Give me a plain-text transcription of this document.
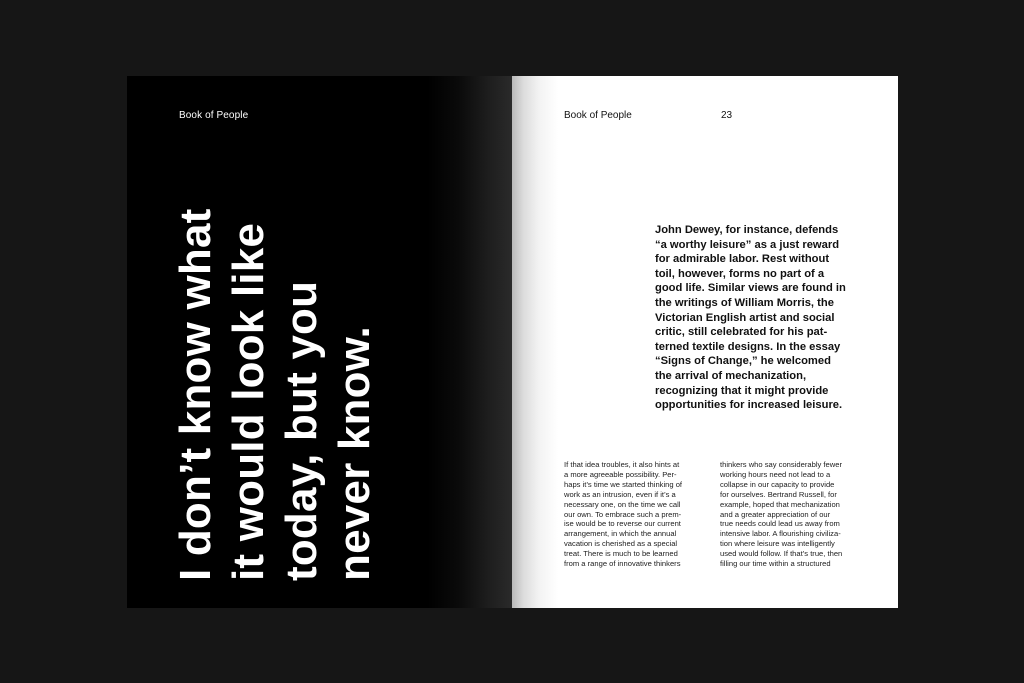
Book of People
I don’t know what it would look like today, but you never know.
Book of People	23

John Dewey, for instance, defends
“a worthy leisure” as a just reward
for admirable labor. Rest without
toil, however, forms no part of a
good life. Similar views are found in
the writings of William Morris, the
Victorian English artist and social
critic, still celebrated for his pat-
terned textile designs. In the essay
“Signs of Change,” he welcomed
the arrival of mechanization,
recognizing that it might provide
opportunities for increased leisure.

If that idea troubles, it also hints at
a more agreeable possibility. Per-
haps it’s time we started thinking of
work as an intrusion, even if it’s a
necessary one, on the time we call
our own. To embrace such a prem-
ise would be to reverse our current
arrangement, in which the annual
vacation is cherished as a special
treat. There is much to be learned
from a range of innovative thinkers

thinkers who say considerably fewer
working hours need not lead to a
collapse in our capacity to provide
for ourselves. Bertrand Russell, for
example, hoped that mechanization
and a greater appreciation of our
true needs could lead us away from
intensive labor. A flourishing civiliza-
tion where leisure was intelligently
used would follow. If that’s true, then
filling our time within a structured
